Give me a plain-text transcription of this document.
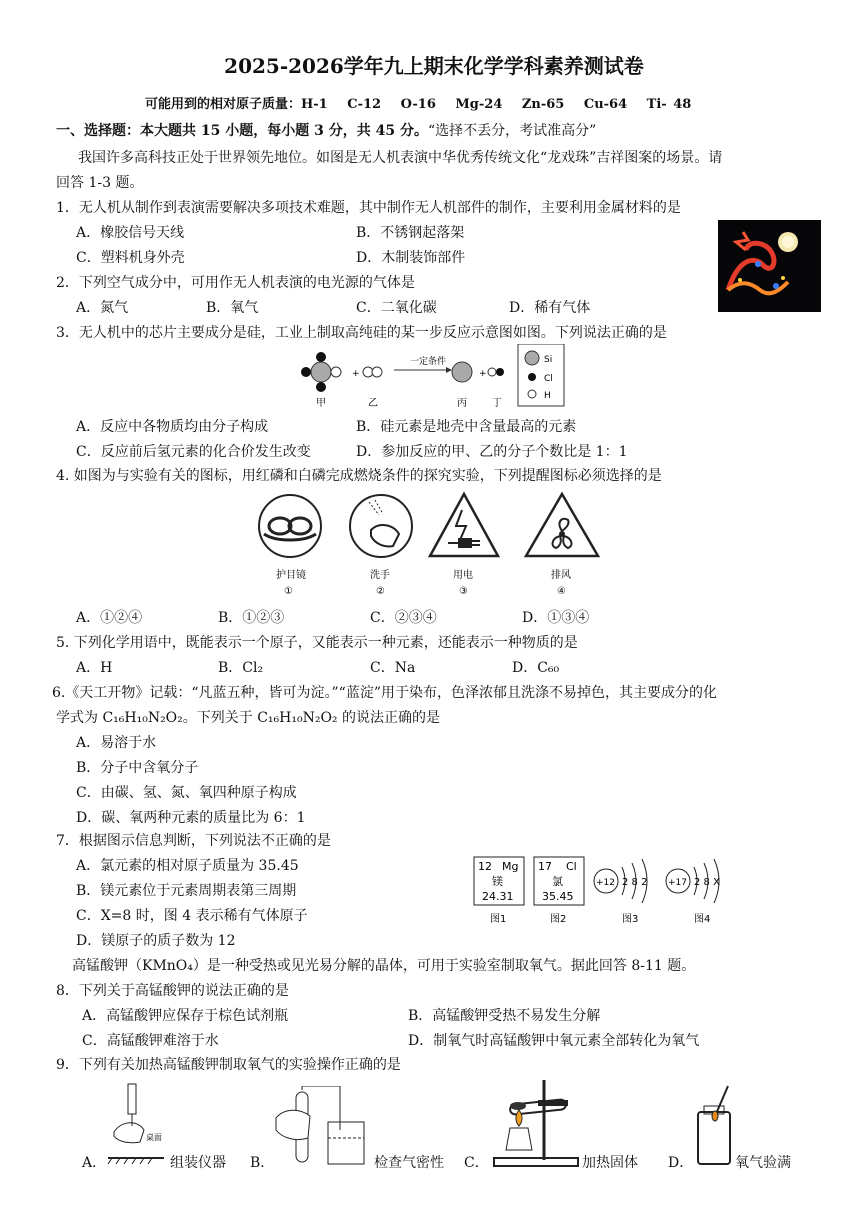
2025-2026学年九上期末化学学科素养测试卷
可能用到的相对原子质量：H-1　 C-12　 O-16　 Mg-24　 Zn-65　 Cu-64　 Ti- 48
一、选择题：本大题共 15 小题，每小题 3 分，共 45 分。“选择不丢分，考试准高分”
我国许多高科技正处于世界领先地位。如图是无人机表演中华优秀传统文化“龙戏珠”吉祥图案的场景。请
回答 1-3 题。
1．无人机从制作到表演需要解决多项技术难题，其中制作无人机部件的制作，主要利用金属材料的是
A．橡胶信号天线	B．不锈钢起落架
C．塑料机身外壳	D．木制装饰部件
2．下列空气成分中，可用作无人机表演的电光源的气体是
A．氮气	B．氧气	C．二氧化碳	D．稀有气体
3．无人机中的芯片主要成分是硅，工业上制取高纯硅的某一步反应示意图如图。下列说法正确的是
+
一定条件
+
甲	乙	丙	丁
Si
Cl
H
A．反应中各物质均由分子构成	B．硅元素是地壳中含量最高的元素
C．反应前后氢元素的化合价发生改变	D．参加反应的甲、乙的分子个数比是 1：1
4. 如图为与实验有关的图标，用红磷和白磷完成燃烧条件的探究实验，下列提醒图标必须选择的是
护目镜
①
洗手
②
用电
③
排风
④
A．①②④	B．①②③	C．②③④	D．①③④
5. 下列化学用语中，既能表示一个原子，又能表示一种元素，还能表示一种物质的是
A．H	B．Cl₂	C．Na	D．C₆₀
6.《天工开物》记载：“凡蓝五种，皆可为淀。”“蓝淀”用于染布，色泽浓郁且洗涤不易掉色，其主要成分的化
学式为 C₁₆H₁₀N₂O₂。下列关于 C₁₆H₁₀N₂O₂ 的说法正确的是
A．易溶于水
B．分子中含氧分子
C．由碳、氢、氮、氧四种原子构成
D．碳、氧两种元素的质量比为 6：1
7．根据图示信息判断，下列说法不正确的是
A．氯元素的相对原子质量为 35.45
B．镁元素位于元素周期表第三周期
C．X=8 时，图 4 表示稀有气体原子
D．镁原子的质子数为 12
12 Mg
镁
24.31
图1
17 Cl
氯
35.45
图2
+12 2 8 2
图3
+17 2 8 X
图4
高锰酸钾（KMnO₄）是一种受热或见光易分解的晶体，可用于实验室制取氧气。据此回答 8-11 题。
8．下列关于高锰酸钾的说法正确的是
A．高锰酸钾应保存于棕色试剂瓶	B．高锰酸钾受热不易发生分解
C．高锰酸钾难溶于水	D．制氧气时高锰酸钾中氧元素全部转化为氧气
9．下列有关加热高锰酸钾制取氧气的实验操作正确的是
A．
桌面
组装仪器 B．	检查气密性 C．	加热固体 D．	氧气验满
